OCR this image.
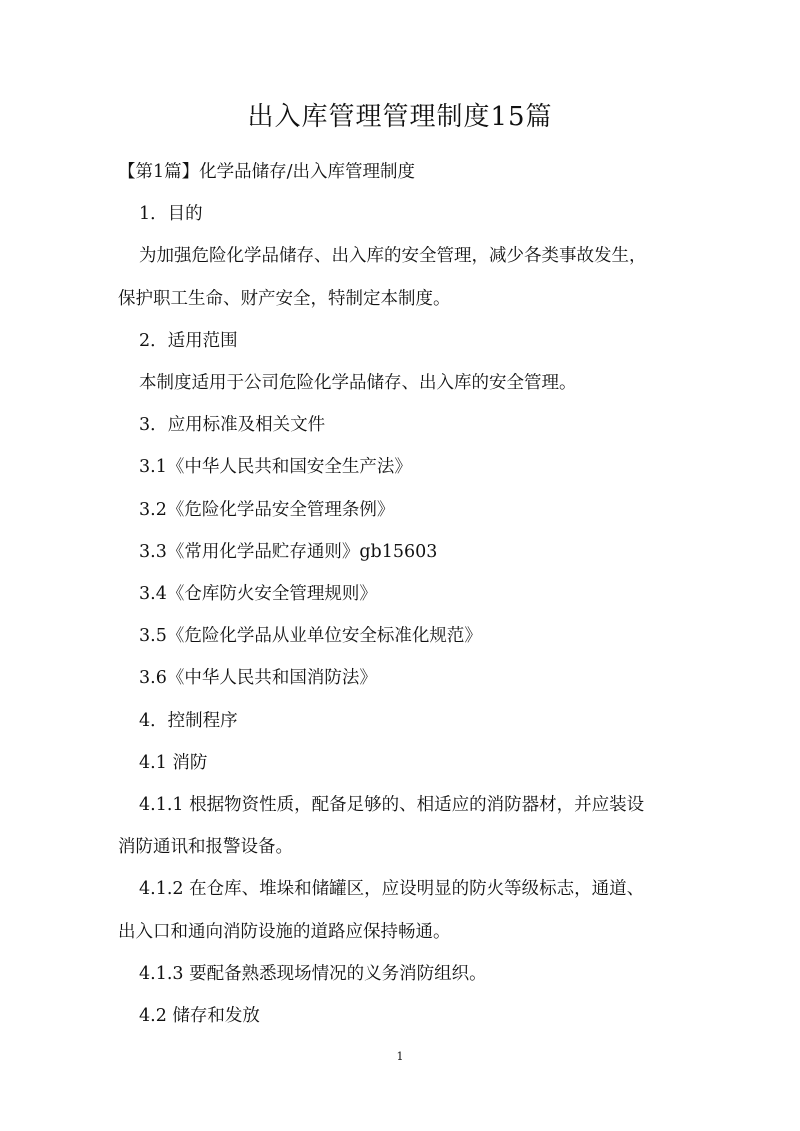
出入库管理管理制度15篇

【第1篇】化学品储存/出入库管理制度

1．目的

为加强危险化学品储存、出入库的安全管理，减少各类事故发生，

保护职工生命、财产安全，特制定本制度。

2．适用范围

本制度适用于公司危险化学品储存、出入库的安全管理。

3．应用标准及相关文件

3.1《中华人民共和国安全生产法》

3.2《危险化学品安全管理条例》

3.3《常用化学品贮存通则》gb15603

3.4《仓库防火安全管理规则》

3.5《危险化学品从业单位安全标准化规范》

3.6《中华人民共和国消防法》

4．控制程序

4.1 消防

4.1.1 根据物资性质，配备足够的、相适应的消防器材，并应装设

消防通讯和报警设备。

4.1.2 在仓库、堆垛和储罐区，应设明显的防火等级标志，通道、

出入口和通向消防设施的道路应保持畅通。

4.1.3 要配备熟悉现场情况的义务消防组织。

4.2 储存和发放

1
